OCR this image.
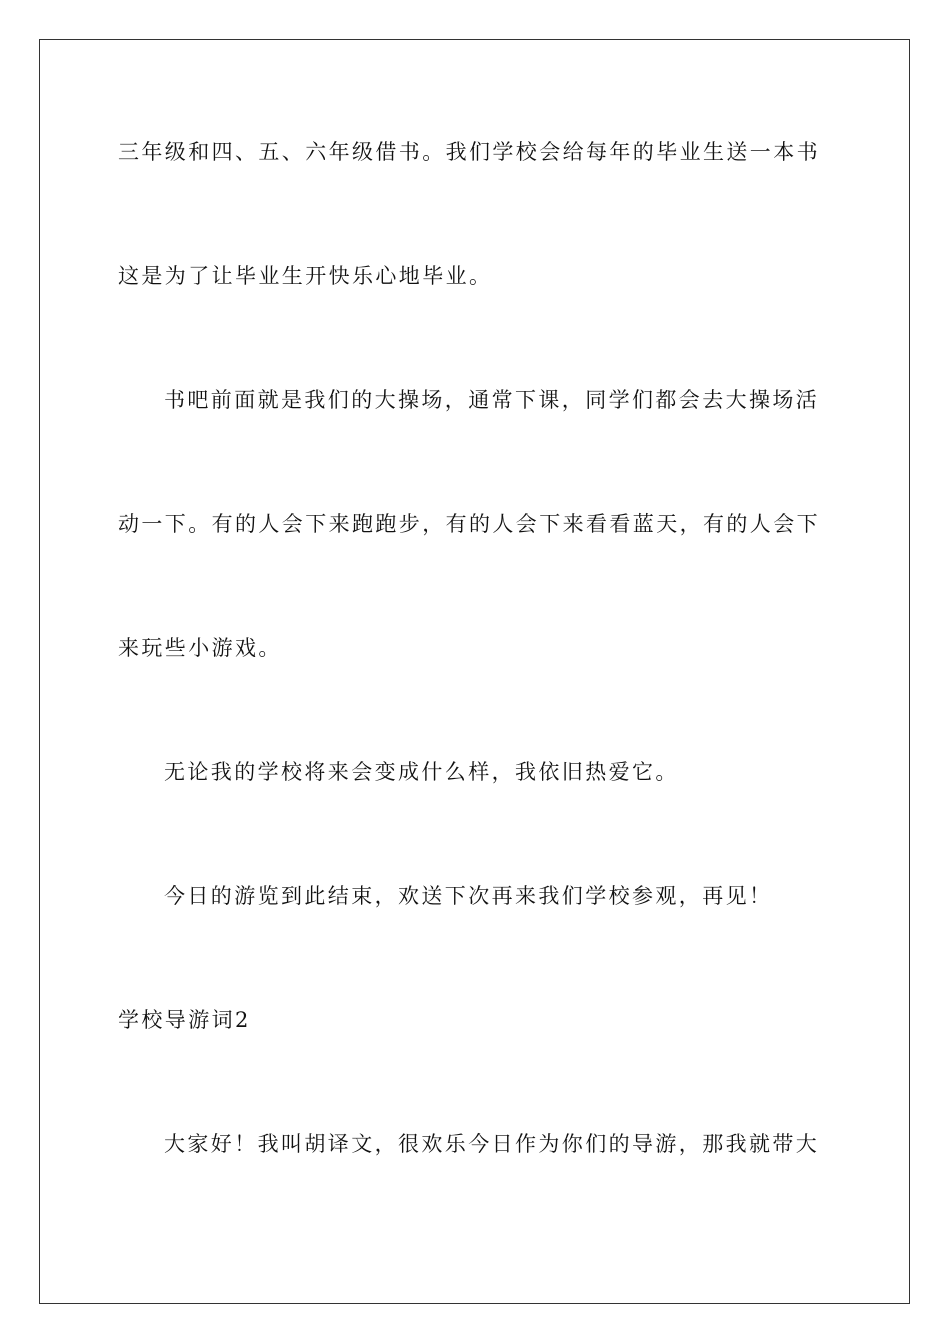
三年级和四、五、六年级借书。我们学校会给每年的毕业生送一本书
这是为了让毕业生开快乐心地毕业。
书吧前面就是我们的大操场，通常下课，同学们都会去大操场活
动一下。有的人会下来跑跑步，有的人会下来看看蓝天，有的人会下
来玩些小游戏。
无论我的学校将来会变成什么样，我依旧热爱它。
今日的游览到此结束，欢送下次再来我们学校参观，再见！
学校导游词2
大家好！我叫胡译文，很欢乐今日作为你们的导游，那我就带大
